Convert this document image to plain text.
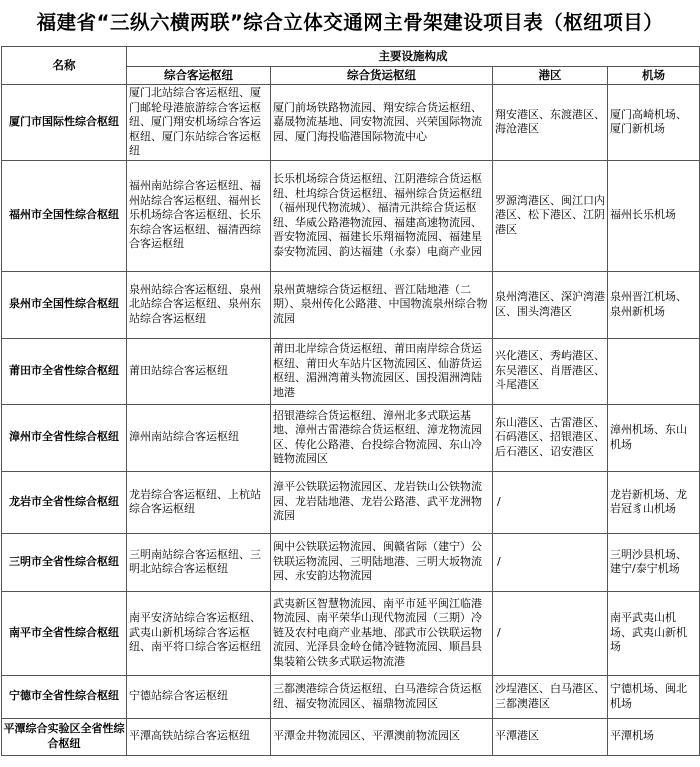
福建省“三纵六横两联”综合立体交通网主骨架建设项目表（枢纽项目）
名称	主要设施构成			
	综合客运枢纽	综合货运枢纽	港区	机场
厦门市国际性综合枢纽	厦门北站综合客运枢纽、厦门邮轮母港旅游综合客运枢纽、厦门翔安机场综合客运枢纽、厦门东站综合客运枢纽	厦门前场铁路物流园、翔安综合货运枢纽、嘉晟物流基地、同安物流园、兴荣国际物流园、厦门海投临港国际物流中心	翔安港区、东渡港区、海沧港区	厦门高崎机场、厦门新机场
福州市全国性综合枢纽	福州南站综合客运枢纽、福州站综合客运枢纽、福州长乐机场综合客运枢纽、长乐东综合客运枢纽、福清西综合客运枢纽	长乐机场综合货运枢纽、江阴港综合货运枢纽、杜坞综合货运枢纽、福州综合货运枢纽（福州现代物流城）、福清元洪综合货运枢纽、华威公路港物流园、福建高速物流园、晋安物流园、福建长乐翔福物流园、福建星泰安物流园、韵达福建（永泰）电商产业园	罗源湾港区、闽江口内港区、松下港区、江阴港区	福州长乐机场
泉州市全国性综合枢纽	泉州站综合客运枢纽、泉州北站综合客运枢纽、泉州东站综合客运枢纽	泉州黄塘综合货运枢纽、晋江陆地港（二期）、泉州传化公路港、中国物流泉州综合物流园	泉州湾港区、深沪湾港区、围头湾港区	泉州晋江机场、泉州新机场
莆田市全省性综合枢纽	莆田站综合客运枢纽	莆田北岸综合货运枢纽、莆田南岸综合货运枢纽、莆田火车站片区物流园区、仙游货运枢纽、湄洲湾莆头物流园区、国投湄洲湾陆地港	兴化港区、秀屿港区、东吴港区、肖厝港区、斗尾港区	
漳州市全省性综合枢纽	漳州南站综合客运枢纽	招银港综合货运枢纽、漳州北多式联运基地、漳州古雷港综合货运枢纽、漳龙物流园区、传化公路港、台投综合物流园、东山冷链物流园区	东山港区、古雷港区、石码港区、招银港区、后石港区、诏安港区	漳州机场、东山机场
龙岩市全省性综合枢纽	龙岩综合客运枢纽、上杭站综合客运枢纽	漳平公铁联运物流园区、龙岩铁山公铁物流园、龙岩陆地港、龙岩公路港、武平龙洲物流园	/	龙岩新机场、龙岩冠豸山机场
三明市全省性综合枢纽	三明南站综合客运枢纽、三明北站综合客运枢纽	闽中公铁联运物流园、闽赣省际（建宁）公铁联运物流园、三明陆地港、三明大坂物流园、永安韵达物流园	/	三明沙县机场、建宁/泰宁机场
南平市全省性综合枢纽	南平安济站综合客运枢纽、武夷山新机场综合客运枢纽、南平将口综合客运枢纽	武夷新区智慧物流园、南平市延平闽江临港物流园、南平荣华山现代物流园（三期）冷链及农村电商产业基地、邵武市公铁联运物流园、光泽县金岭仓储冷链物流园、顺昌县集装箱公铁多式联运物流港	/	南平武夷山机场、武夷山新机场
宁德市全省性综合枢纽	宁德站综合客运枢纽	三都澳港综合货运枢纽、白马港综合货运枢纽、福安物流园区、福鼎物流园区	沙埕港区、白马港区、三都澳港区	宁德机场、闽北机场
平潭综合实验区全省性综合枢纽	平潭高铁站综合客运枢纽	平潭金井物流园区、平潭澳前物流园区	平潭港区	平潭机场
